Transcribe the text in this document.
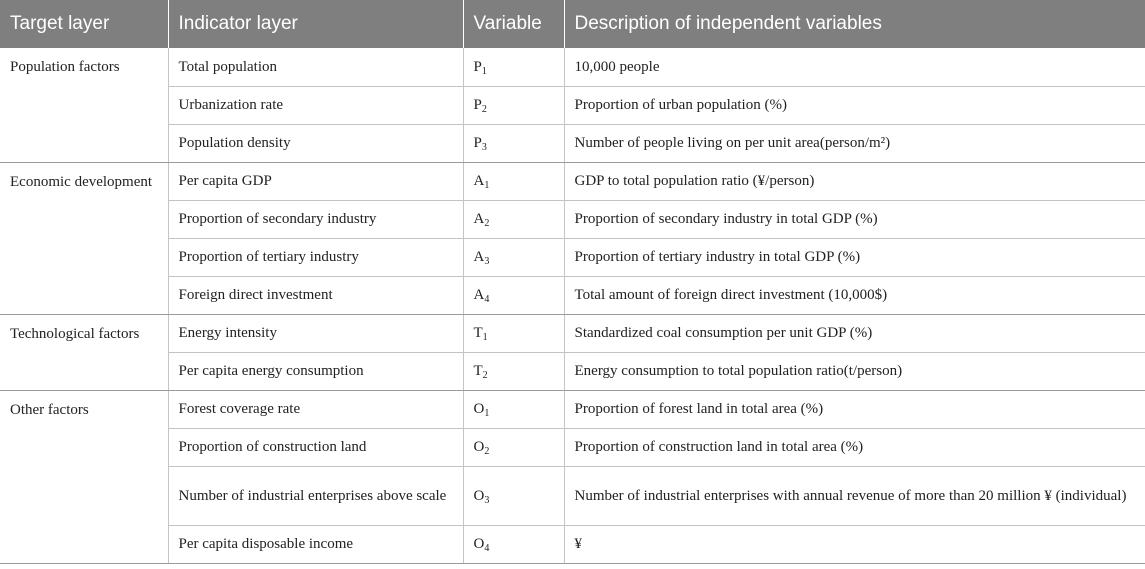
Target layer	Indicator layer	Variable	Description of independent variables
Population factors	Total population	$P_1$	10,000 people
	Urbanization rate	$P_2$	Proportion of urban population (%)
	Population density	$P_3$	Number of people living on per unit area(person/m²)
Economic development	Per capita GDP	$A_1$	GDP to total population ratio (¥/person)
	Proportion of secondary industry	$A_2$	Proportion of secondary industry in total GDP (%)
	Proportion of tertiary industry	$A_3$	Proportion of tertiary industry in total GDP (%)
	Foreign direct investment	$A_4$	Total amount of foreign direct investment (10,000$)
Technological factors	Energy intensity	$T_1$	Standardized coal consumption per unit GDP (%)
	Per capita energy consumption	$T_2$	Energy consumption to total population ratio(t/person)
Other factors	Forest coverage rate	$O_1$	Proportion of forest land in total area (%)
	Proportion of construction land	$O_2$	Proportion of construction land in total area (%)
	Number of industrial enterprises above scale	$O_3$	Number of industrial enterprises with annual revenue of more than 20 million ¥ (individual)
	Per capita disposable income	$O_4$	¥
